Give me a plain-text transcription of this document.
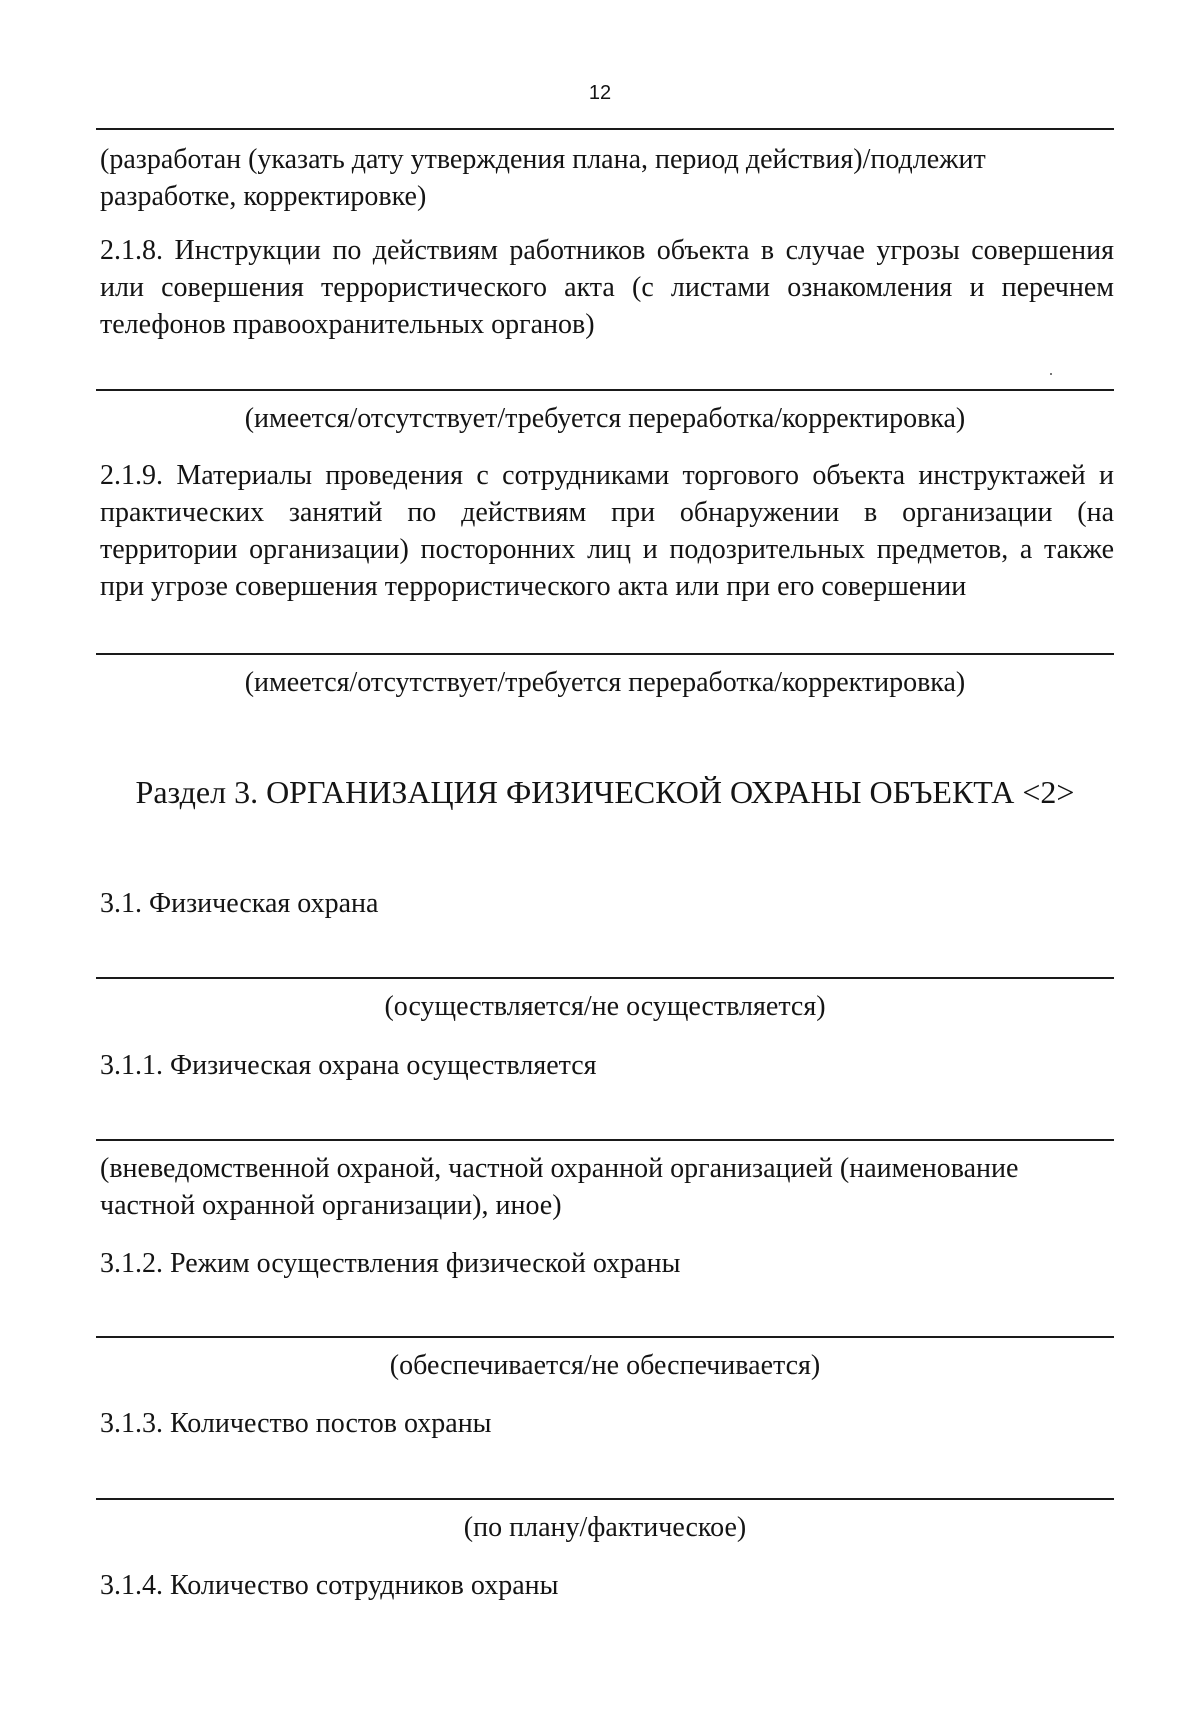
12

(разработан (указать дату утверждения плана, период действия)/подлежит разработке, корректировке)

2.1.8. Инструкции по действиям работников объекта в случае угрозы совершения или совершения террористического акта (с листами ознакомления и перечнем телефонов правоохранительных органов)

(имеется/отсутствует/требуется переработка/корректировка)

2.1.9. Материалы проведения с сотрудниками торгового объекта инструктажей и практических занятий по действиям при обнаружении в организации (на территории организации) посторонних лиц и подозрительных предметов, а также при угрозе совершения террористического акта или при его совершении

(имеется/отсутствует/требуется переработка/корректировка)

Раздел 3. ОРГАНИЗАЦИЯ ФИЗИЧЕСКОЙ ОХРАНЫ ОБЪЕКТА <2>

3.1. Физическая охрана

(осуществляется/не осуществляется)

3.1.1. Физическая охрана осуществляется

(вневедомственной охраной, частной охранной организацией (наименование частной охранной организации), иное)

3.1.2. Режим осуществления физической охраны

(обеспечивается/не обеспечивается)

3.1.3. Количество постов охраны

(по плану/фактическое)

3.1.4. Количество сотрудников охраны
